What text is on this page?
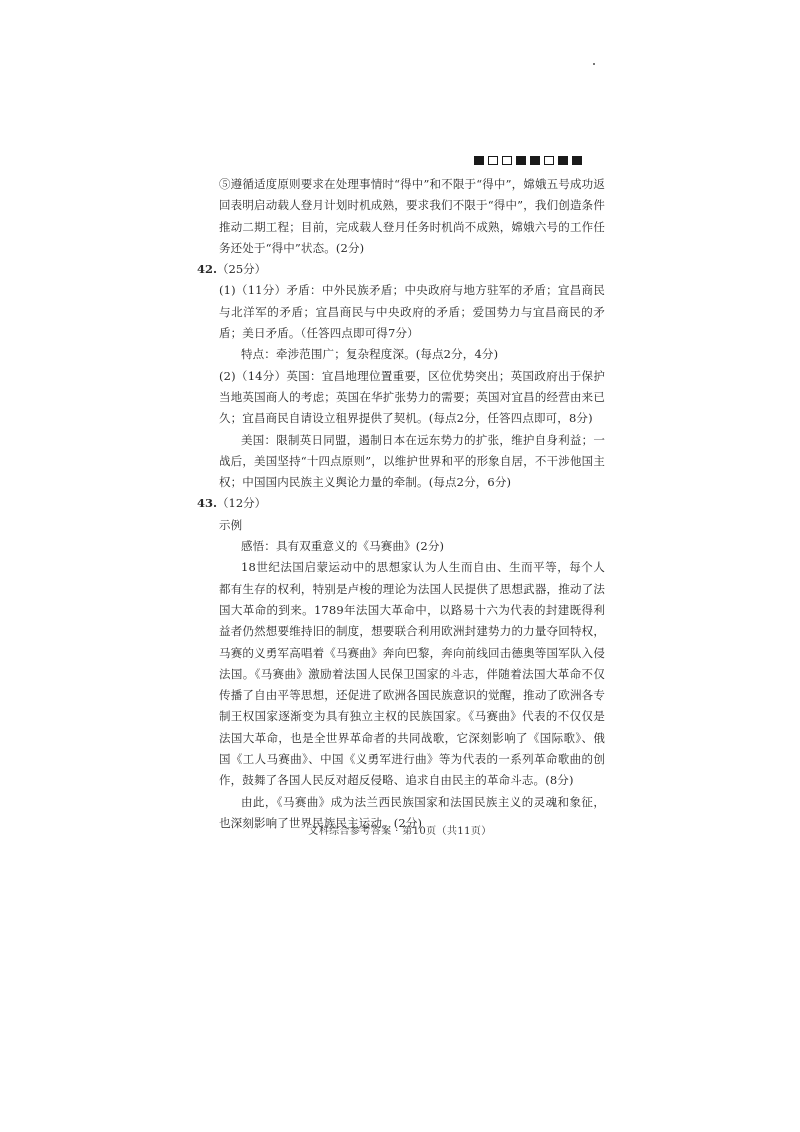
⑤遵循适度原则要求在处理事情时“得中”和不限于“得中”，嫦娥五号成功返回表明启动载人登月计划时机成熟，要求我们不限于“得中”，我们创造条件推动二期工程；目前，完成载人登月任务时机尚不成熟，嫦娥六号的工作任务还处于“得中”状态。(2分)

42.（25分）

(1)（11分）矛盾：中外民族矛盾；中央政府与地方驻军的矛盾；宜昌商民与北洋军的矛盾；宜昌商民与中央政府的矛盾；爱国势力与宜昌商民的矛盾；美日矛盾。（任答四点即可得7分）

特点：牵涉范围广；复杂程度深。(每点2分，4分)

(2)（14分）英国：宜昌地理位置重要，区位优势突出；英国政府出于保护当地英国商人的考虑；英国在华扩张势力的需要；英国对宜昌的经营由来已久；宜昌商民自请设立租界提供了契机。(每点2分，任答四点即可，8分)

美国：限制英日同盟，遏制日本在远东势力的扩张，维护自身利益；一战后，美国坚持“十四点原则”，以维护世界和平的形象自居，不干涉他国主权；中国国内民族主义舆论力量的牵制。(每点2分，6分)

43.（12分）

示例

感悟：具有双重意义的《马赛曲》(2分)

18世纪法国启蒙运动中的思想家认为人生而自由、生而平等，每个人都有生存的权利，特别是卢梭的理论为法国人民提供了思想武器，推动了法国大革命的到来。1789年法国大革命中，以路易十六为代表的封建既得利益者仍然想要维持旧的制度，想要联合利用欧洲封建势力的力量夺回特权，马赛的义勇军高唱着《马赛曲》奔向巴黎，奔向前线回击德奥等国军队入侵法国。《马赛曲》激励着法国人民保卫国家的斗志，伴随着法国大革命不仅传播了自由平等思想，还促进了欧洲各国民族意识的觉醒，推动了欧洲各专制王权国家逐渐变为具有独立主权的民族国家。《马赛曲》代表的不仅仅是法国大革命，也是全世界革命者的共同战歌，它深刻影响了《国际歌》、俄国《工人马赛曲》、中国《义勇军进行曲》等为代表的一系列革命歌曲的创作，鼓舞了各国人民反对超反侵略、追求自由民主的革命斗志。(8分)

由此，《马赛曲》成为法兰西民族国家和法国民族主义的灵魂和象征，也深刻影响了世界民族民主运动。(2分)

文科综合参考答案 · 第10页（共11页）
